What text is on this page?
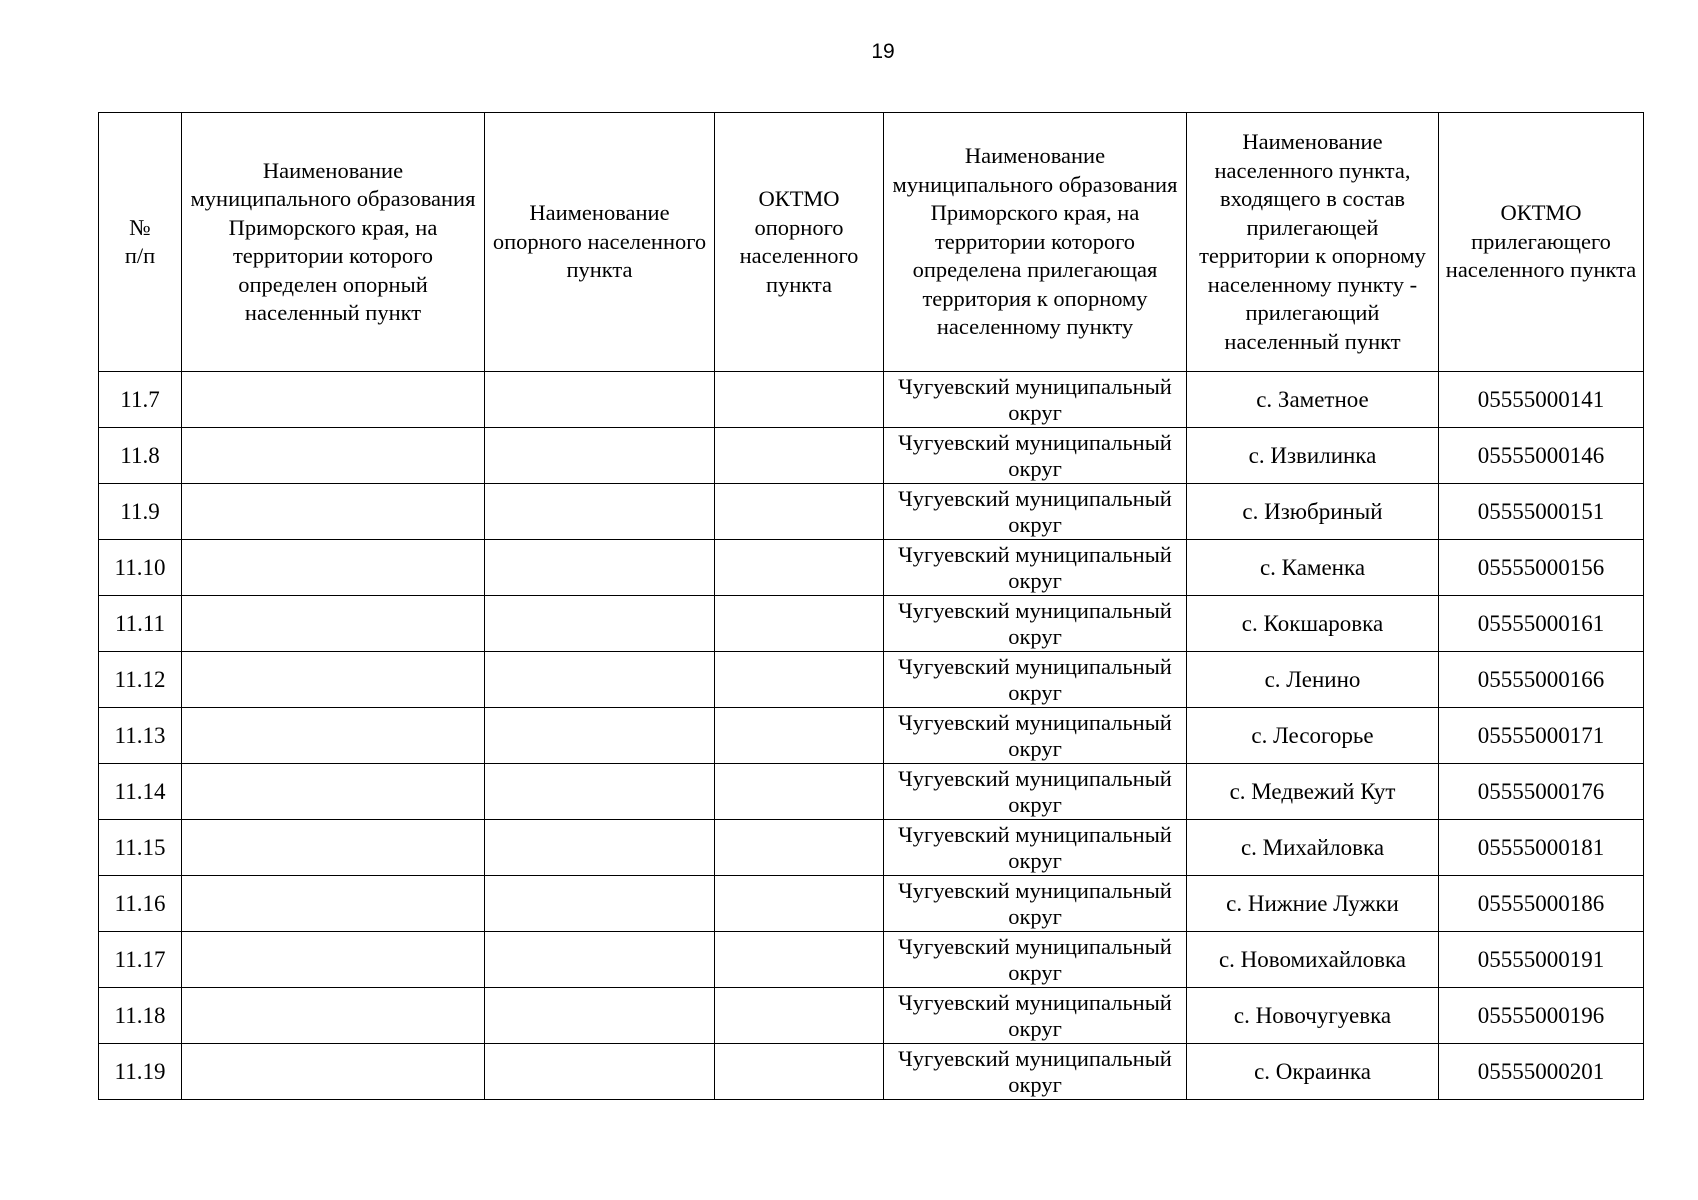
19
№
п/п	Наименование муниципального образования Приморского края, на территории которого определен опорный населенный пункт	Наименование опорного населенного пункта	ОКТМО опорного населенного пункта	Наименование муниципального образования Приморского края, на территории которого определена прилегающая территория к опорному населенному пункту	Наименование населенного пункта, входящего в состав прилегающей территории к опорному населенному пункту - прилегающий населенный пункт	ОКТМО прилегающего населенного пункта
11.7				Чугуевский муниципальный округ	с. Заметное	05555000141
11.8				Чугуевский муниципальный округ	с. Извилинка	05555000146
11.9				Чугуевский муниципальный округ	с. Изюбриный	05555000151
11.10				Чугуевский муниципальный округ	с. Каменка	05555000156
11.11				Чугуевский муниципальный округ	с. Кокшаровка	05555000161
11.12				Чугуевский муниципальный округ	с. Ленино	05555000166
11.13				Чугуевский муниципальный округ	с. Лесогорье	05555000171
11.14				Чугуевский муниципальный округ	с. Медвежий Кут	05555000176
11.15				Чугуевский муниципальный округ	с. Михайловка	05555000181
11.16				Чугуевский муниципальный округ	с. Нижние Лужки	05555000186
11.17				Чугуевский муниципальный округ	с. Новомихайловка	05555000191
11.18				Чугуевский муниципальный округ	с. Новочугуевка	05555000196
11.19				Чугуевский муниципальный округ	с. Окраинка	05555000201
